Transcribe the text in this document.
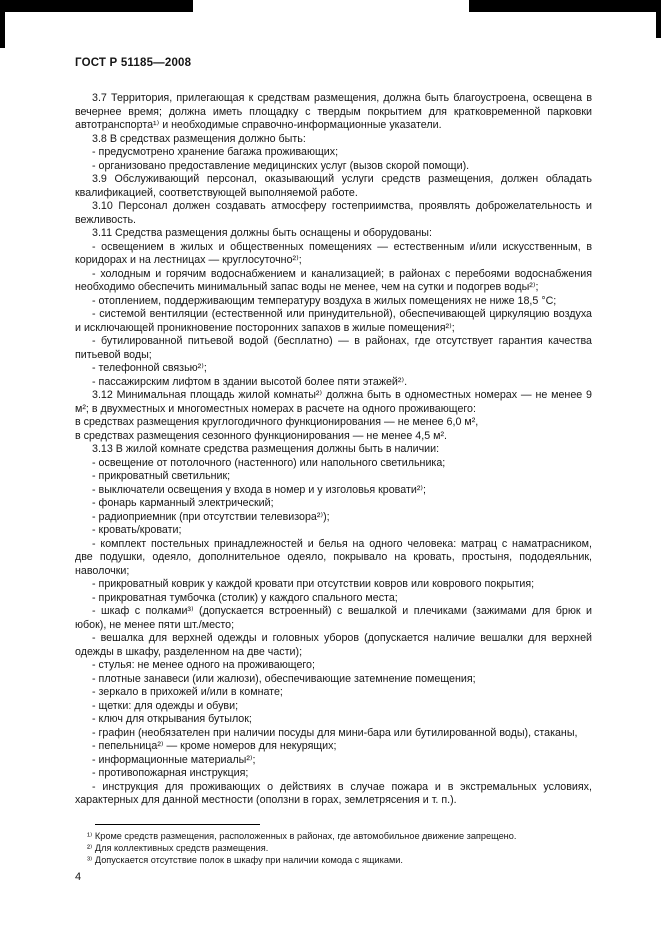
ГОСТ Р 51185—2008

3.7 Территория, прилегающая к средствам размещения, должна быть благоустроена, освещена в вечернее время; должна иметь площадку с твердым покрытием для кратковременной парковки автотранспорта¹⁾ и необходимые справочно-информационные указатели.

3.8 В средствах размещения должно быть:

- предусмотрено хранение багажа проживающих;

- организовано предоставление медицинских услуг (вызов скорой помощи).

3.9 Обслуживающий персонал, оказывающий услуги средств размещения, должен обладать квалификацией, соответствующей выполняемой работе.

3.10 Персонал должен создавать атмосферу гостеприимства, проявлять доброжелательность и вежливость.

3.11 Средства размещения должны быть оснащены и оборудованы:

- освещением в жилых и общественных помещениях — естественным и/или искусственным, в коридорах и на лестницах — круглосуточно²⁾;

- холодным и горячим водоснабжением и канализацией; в районах с перебоями водоснабжения необходимо обеспечить минимальный запас воды не менее, чем на сутки и подогрев воды²⁾;

- отоплением, поддерживающим температуру воздуха в жилых помещениях не ниже 18,5 °С;

- системой вентиляции (естественной или принудительной), обеспечивающей циркуляцию воздуха и исключающей проникновение посторонних запахов в жилые помещения²⁾;

- бутилированной питьевой водой (бесплатно) — в районах, где отсутствует гарантия качества питьевой воды;

- телефонной связью²⁾;

- пассажирским лифтом в здании высотой более пяти этажей²⁾.

3.12 Минимальная площадь жилой комнаты²⁾ должна быть в одноместных номерах — не менее 9 м²; в двухместных и многоместных номерах в расчете на одного проживающего:

в средствах размещения круглогодичного функционирования — не менее 6,0 м²,

в средствах размещения сезонного функционирования — не менее 4,5 м².

3.13 В жилой комнате средства размещения должны быть в наличии:

- освещение от потолочного (настенного) или напольного светильника;

- прикроватный светильник;

- выключатели освещения у входа в номер и у изголовья кровати²⁾;

- фонарь карманный электрический;

- радиоприемник (при отсутствии телевизора²⁾);

- кровать/кровати;

- комплект постельных принадлежностей и белья на одного человека: матрац с наматрасником, две подушки, одеяло, дополнительное одеяло, покрывало на кровать, простыня, пододеяльник, наволочки;

- прикроватный коврик у каждой кровати при отсутствии ковров или коврового покрытия;

- прикроватная тумбочка (столик) у каждого спального места;

- шкаф с полками³⁾ (допускается встроенный) с вешалкой и плечиками (зажимами для брюк и юбок), не менее пяти шт./место;

- вешалка для верхней одежды и головных уборов (допускается наличие вешалки для верхней одежды в шкафу, разделенном на две части);

- стулья: не менее одного на проживающего;

- плотные занавеси (или жалюзи), обеспечивающие затемнение помещения;

- зеркало в прихожей и/или в комнате;

- щетки: для одежды и обуви;

- ключ для открывания бутылок;

- графин (необязателен при наличии посуды для мини-бара или бутилированной воды), стаканы,

- пепельница²⁾ — кроме номеров для некурящих;

- информационные материалы²⁾;

- противопожарная инструкция;

- инструкция для проживающих о действиях в случае пожара и в экстремальных условиях, характерных для данной местности (оползни в горах, землетрясения и т. п.).

¹⁾ Кроме средств размещения, расположенных в районах, где автомобильное движение запрещено.

²⁾ Для коллективных средств размещения.

³⁾ Допускается отсутствие полок в шкафу при наличии комода с ящиками.

4
